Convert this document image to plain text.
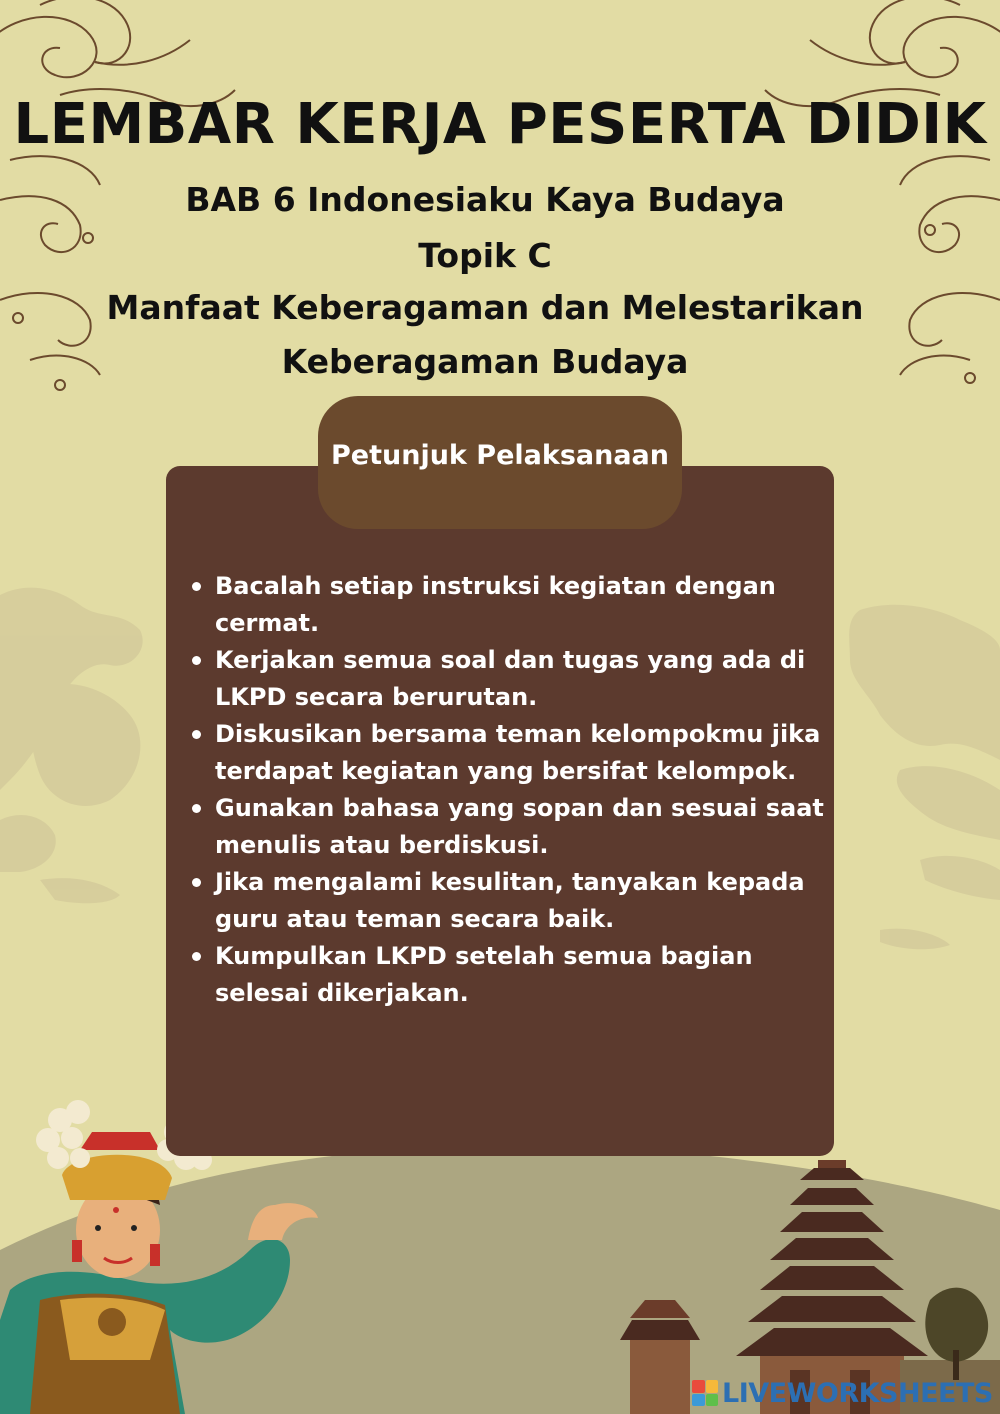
LEMBAR KERJA PESERTA DIDIK
BAB 6 Indonesiaku Kaya Budaya
Topik C
Manfaat Keberagaman dan Melestarikan
Keberagaman Budaya
Petunjuk Pelaksanaan
Bacalah setiap instruksi kegiatan dengan
cermat.
Kerjakan semua soal dan tugas yang ada di
LKPD secara berurutan.
Diskusikan bersama teman kelompokmu jika
terdapat kegiatan yang bersifat kelompok.
Gunakan bahasa yang sopan dan sesuai saat
menulis atau berdiskusi.
Jika mengalami kesulitan, tanyakan kepada
guru atau teman secara baik.
Kumpulkan LKPD setelah semua bagian
selesai dikerjakan.
LIVEWORKSHEETS
